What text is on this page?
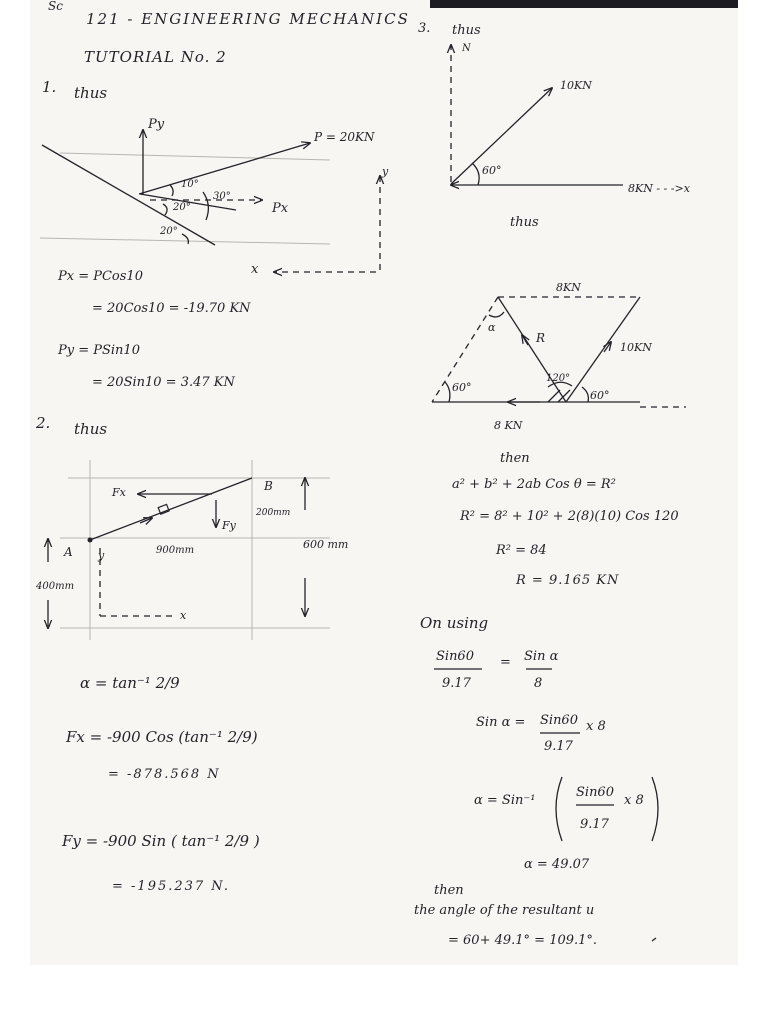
Sc
121 - ENGINEERING MECHANICS
TUTORIAL No. 2
1. thus
Py
P = 20KN
10°
20°
30°
Px
20°
y
x
Px = PCos10
= 20Cos10 = -19.70 KN
Py = PSin10
= 20Sin10 = 3.47 KN
2. thus
Fx	B
Fy
200mm
A y	900mm	600 mm
400mm
x
α = tan⁻¹ 2/9
Fx = -900 Cos (tan⁻¹ 2/9)
= -878.568 N
Fy = -900 Sin ( tan⁻¹ 2/9 )
= -195.237 N.
3. thus
N
10KN
60°
8KN - - ->x
thus
8KN
α
R
10KN
120°
60°
60°
8 KN
then
a² + b² + 2ab Cos θ = R²
R² = 8² + 10² + 2(8)(10) Cos 120
R² = 84
R = 9.165 KN
On using
Sin60
9.17
= Sin α
8
Sin α = Sin60
9.17
x 8
α = Sin⁻¹
Sin60
9.17
x 8
α = 49.07
then
the angle of the resultant u
= 60+ 49.1° = 109.1°.
